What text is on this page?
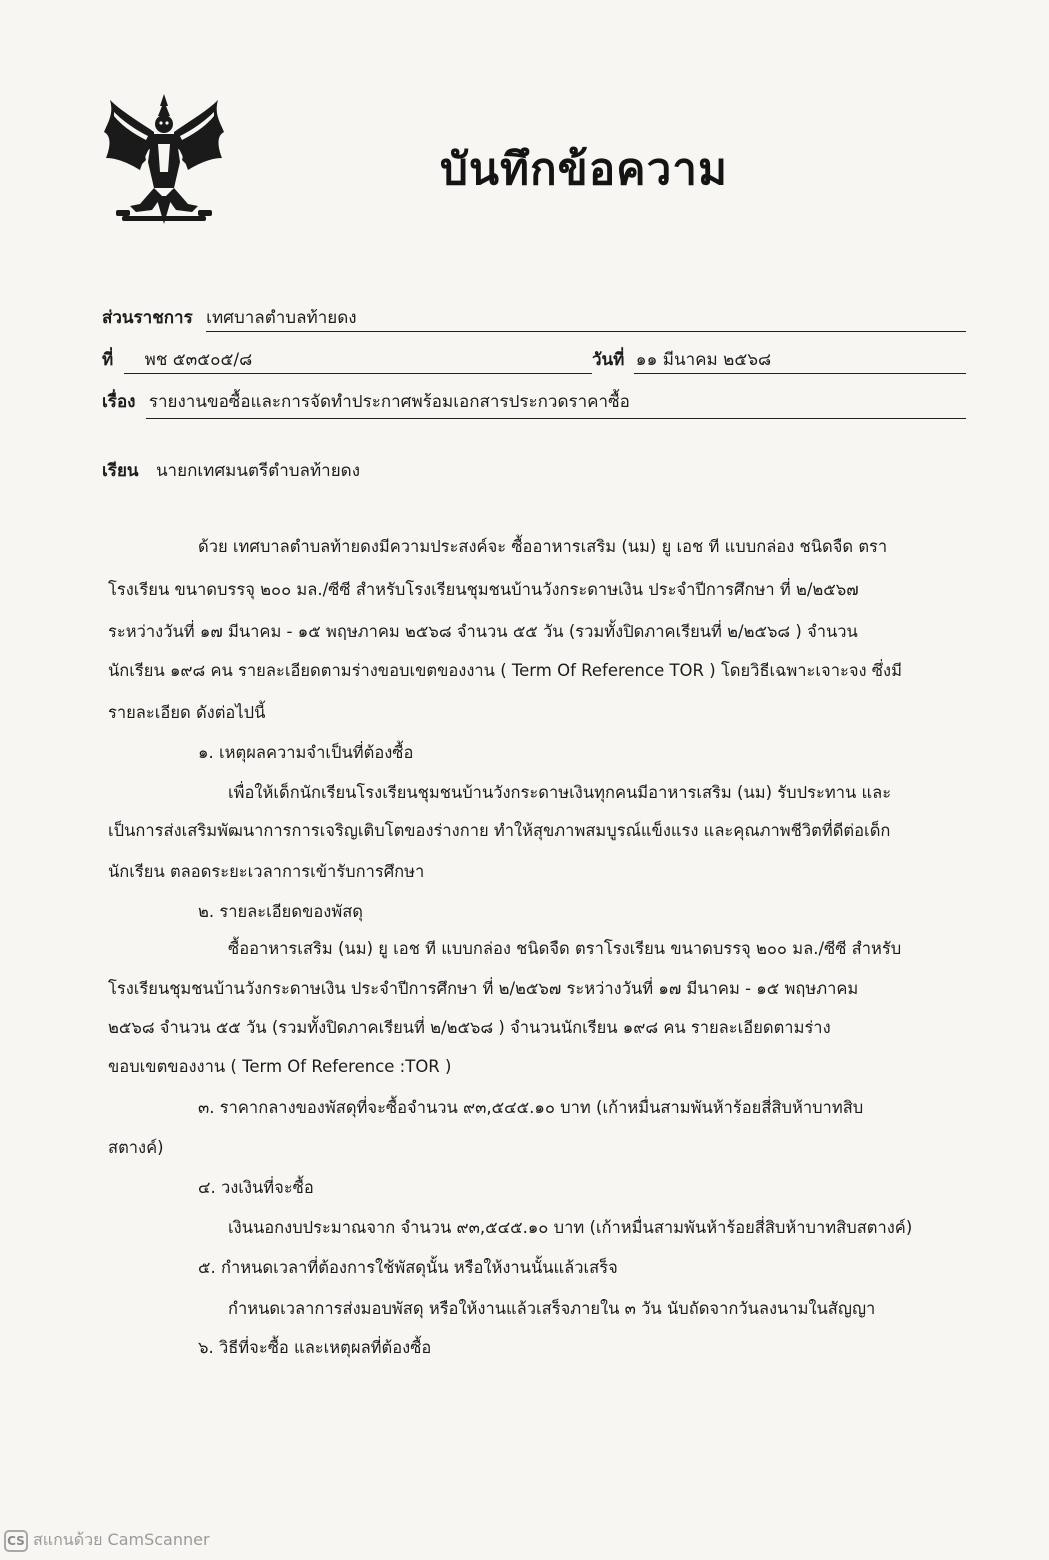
บันทึกข้อความ
ส่วนราชการ เทศบาลตำบลท้ายดง
ที่ พช ๕๓๕๐๕/๘	วันที่ ๑๑ มีนาคม ๒๕๖๘
เรื่อง รายงานขอซื้อและการจัดทำประกาศพร้อมเอกสารประกวดราคาซื้อ
เรียน นายกเทศมนตรีตำบลท้ายดง
ด้วย เทศบาลตำบลท้ายดงมีความประสงค์จะ ซื้ออาหารเสริม (นม) ยู เอช ที แบบกล่อง ชนิดจืด ตรา
โรงเรียน ขนาดบรรจุ ๒๐๐ มล./ซีซี สำหรับโรงเรียนชุมชนบ้านวังกระดาษเงิน ประจำปีการศึกษา ที่ ๒/๒๕๖๗
ระหว่างวันที่ ๑๗ มีนาคม - ๑๕ พฤษภาคม ๒๕๖๘ จำนวน ๕๕ วัน (รวมทั้งปิดภาคเรียนที่ ๒/๒๕๖๘ ) จำนวน
นักเรียน ๑๙๘ คน รายละเอียดตามร่างขอบเขตของงาน ( Term Of Reference TOR ) โดยวิธีเฉพาะเจาะจง ซึ่งมี
รายละเอียด ดังต่อไปนี้
๑. เหตุผลความจำเป็นที่ต้องซื้อ
เพื่อให้เด็กนักเรียนโรงเรียนชุมชนบ้านวังกระดาษเงินทุกคนมีอาหารเสริม (นม) รับประทาน และ
เป็นการส่งเสริมพัฒนาการการเจริญเติบโตของร่างกาย ทำให้สุขภาพสมบูรณ์แข็งแรง และคุณภาพชีวิตที่ดีต่อเด็ก
นักเรียน ตลอดระยะเวลาการเข้ารับการศึกษา
๒. รายละเอียดของพัสดุ
ซื้ออาหารเสริม (นม) ยู เอช ที แบบกล่อง ชนิดจืด ตราโรงเรียน ขนาดบรรจุ ๒๐๐ มล./ซีซี สำหรับ
โรงเรียนชุมชนบ้านวังกระดาษเงิน ประจำปีการศึกษา ที่ ๒/๒๕๖๗ ระหว่างวันที่ ๑๗ มีนาคม - ๑๕ พฤษภาคม
๒๕๖๘ จำนวน ๕๕ วัน (รวมทั้งปิดภาคเรียนที่ ๒/๒๕๖๘ ) จำนวนนักเรียน ๑๙๘ คน รายละเอียดตามร่าง
ขอบเขตของงาน ( Term Of Reference :TOR )
๓. ราคากลางของพัสดุที่จะซื้อจำนวน ๙๓,๕๔๕.๑๐ บาท (เก้าหมื่นสามพันห้าร้อยสี่สิบห้าบาทสิบ
สตางค์)
๔. วงเงินที่จะซื้อ
เงินนอกงบประมาณจาก จำนวน ๙๓,๕๔๕.๑๐ บาท (เก้าหมื่นสามพันห้าร้อยสี่สิบห้าบาทสิบสตางค์)
๕. กำหนดเวลาที่ต้องการใช้พัสดุนั้น หรือให้งานนั้นแล้วเสร็จ
กำหนดเวลาการส่งมอบพัสดุ หรือให้งานแล้วเสร็จภายใน ๓ วัน นับถัดจากวันลงนามในสัญญา
๖. วิธีที่จะซื้อ และเหตุผลที่ต้องซื้อ
CS สแกนด้วย CamScanner
